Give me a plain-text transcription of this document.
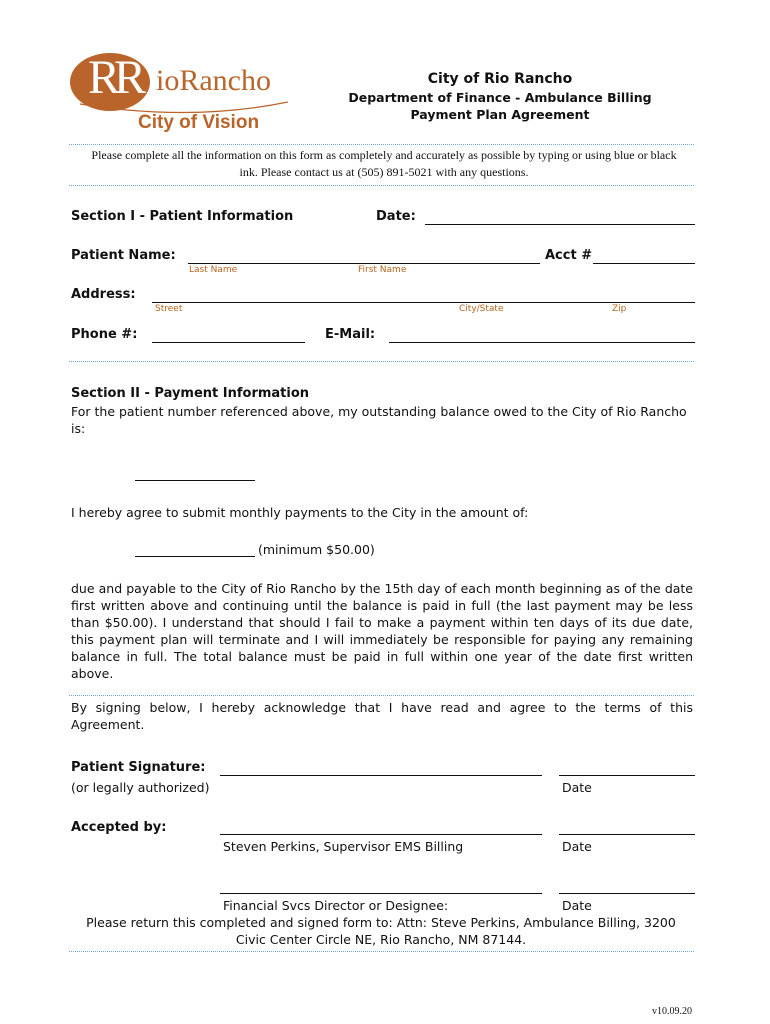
RR ioRancho
City of Vision
City of Rio Rancho
Department of Finance - Ambulance Billing
Payment Plan Agreement
Please complete all the information on this form as completely and accurately as possible by typing or using blue or black ink. Please contact us at (505) 891-5021 with any questions.
Section I - Patient Information	Date:
Patient Name:	Acct #
Last Name	First Name
Address:
Street	City/State	Zip
Phone #:	E-Mail:
Section II - Payment Information
For the patient number referenced above, my outstanding balance owed to the City of Rio Rancho is:
I hereby agree to submit monthly payments to the City in the amount of:
(minimum $50.00)
due and payable to the City of Rio Rancho by the 15th day of each month beginning as of the date first written above and continuing until the balance is paid in full (the last payment may be less than $50.00). I understand that should I fail to make a payment within ten days of its due date, this payment plan will terminate and I will immediately be responsible for paying any remaining balance in full. The total balance must be paid in full within one year of the date first written above.
By signing below, I hereby acknowledge that I have read and agree to the terms of this Agreement.
Patient Signature:
(or legally authorized)	Date
Accepted by:
Steven Perkins, Supervisor EMS Billing	Date
Financial Svcs Director or Designee:	Date
Please return this completed and signed form to: Attn: Steve Perkins, Ambulance Billing, 3200 Civic Center Circle NE, Rio Rancho, NM 87144.
v10.09.20
